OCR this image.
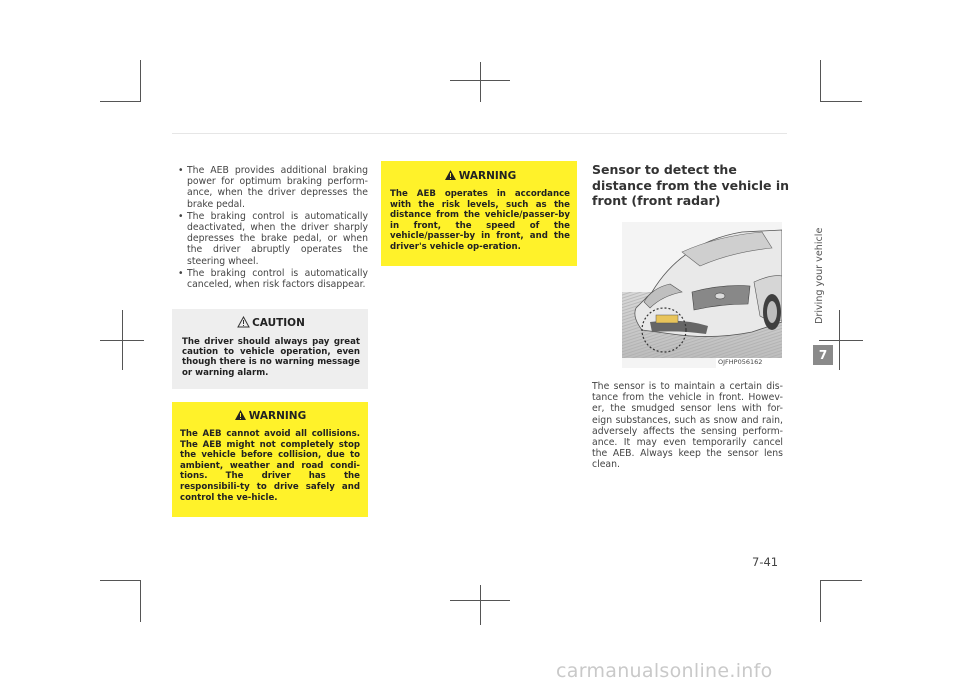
• The AEB provides additional braking power for optimum braking perform-ance, when the driver depresses the brake pedal.
• The braking control is automatically deactivated, when the driver sharply depresses the brake pedal, or when the driver abruptly operates the steering wheel.
• The braking control is automatically canceled, when risk factors disappear.
CAUTION
The driver should always pay great caution to vehicle operation, even though there is no warning message or warning alarm.
WARNING
The AEB cannot avoid all collisions. The AEB might not completely stop the vehicle before collision, due to ambient, weather and road condi-tions. The driver has the responsibili-ty to drive safely and control the ve-hicle.
WARNING
The AEB operates in accordance with the risk levels, such as the distance from the vehicle/passer-by in front, the speed of the vehicle/passer-by in front, and the driver's vehicle op-eration.
Sensor to detect the distance from the vehicle in front (front radar)
OJFHP056162
The sensor is to maintain a certain dis-tance from the vehicle in front. Howev-er, the smudged sensor lens with for-eign substances, such as snow and rain, adversely affects the sensing perform-ance. It may even temporarily cancel the AEB. Always keep the sensor lens clean.
Driving your vehicle
7
7-41
carmanualsonline.info
